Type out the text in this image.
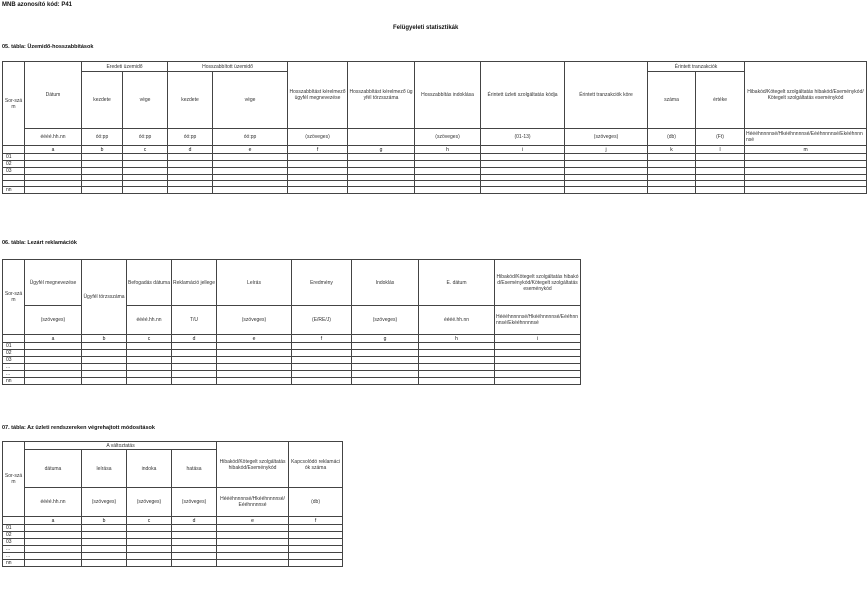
MNB azonosító kód: P41
Felügyeleti statisztikák
05. tábla: Üzemidő-hosszabbítások
Sor-szám	Dátum	Eredeti üzemidő		Hosszabbított üzemidő		Hosszabbítást kérelmező ügyfél megnevezése	Hosszabbítást kérelmező ügyfél törzsszáma	Hosszabbítás indoklása	Érintett üzleti szolgáltatás kódja	Érintett tranzakciók köre	Érintett tranzakciók		Hibakód/Kötegelt szolgáltatás hibakód/Eseménykód/Kötegelt szolgáltatás eseménykód
		kezdete	vége	kezdete	vége						száma	értéke	
	éééé.hh.nn	óó:pp	óó:pp	óó:pp	óó:pp	(szöveges)		(szöveges)	(01-13)	(szöveges)	(db)	(Ft)	Héééhnnnnsé/Hkééhnnnnsé/Eééhnnnnsé/Ekééhnnnnsé
	a	b	c	d	e	f	g	h	i	j	k	l	m
01													
02													
03													

nn													
06. tábla: Lezárt reklamációk
Sor-szám	Ügyfél megnevezése	Ügyfél törzsszáma	Befogadás dátuma	Reklamáció jellege	Leírás	Eredmény	Indoklás	E. dátum	Hibakód/Kötegelt szolgáltatás hibakód/Eseménykód/Kötegelt szolgáltatás eseménykód
	(szöveges)		éééé.hh.nn	T/U	(szöveges)	(E/RE/J)	(szöveges)	éééé.hh.nn	Héééhnnnnsé/Hkééhnnnnsé/Eééhnnnnsé/Ekééhnnnnsé
	a	b	c	d	e	f	g	h	i
01									
02									
03									
...									
...									
nn									
07. tábla: Az üzleti rendszereken végrehajtott módosítások
Sor-szám	A változtatás				Hibakód/Kötegelt szolgáltatás hibakód/Eseménykód	Kapcsolódó reklamációk száma
	dátuma	leírása	indoka	hatása		
	éééé.hh.nn	(szöveges)	(szöveges)	(szöveges)	Héééhnnnnsé/Hkééhnnnnsé/ Eééhnnnnsé	(db)
	a	b	c	d	e	f
01						
02						
03						
...						
...						
nn						
